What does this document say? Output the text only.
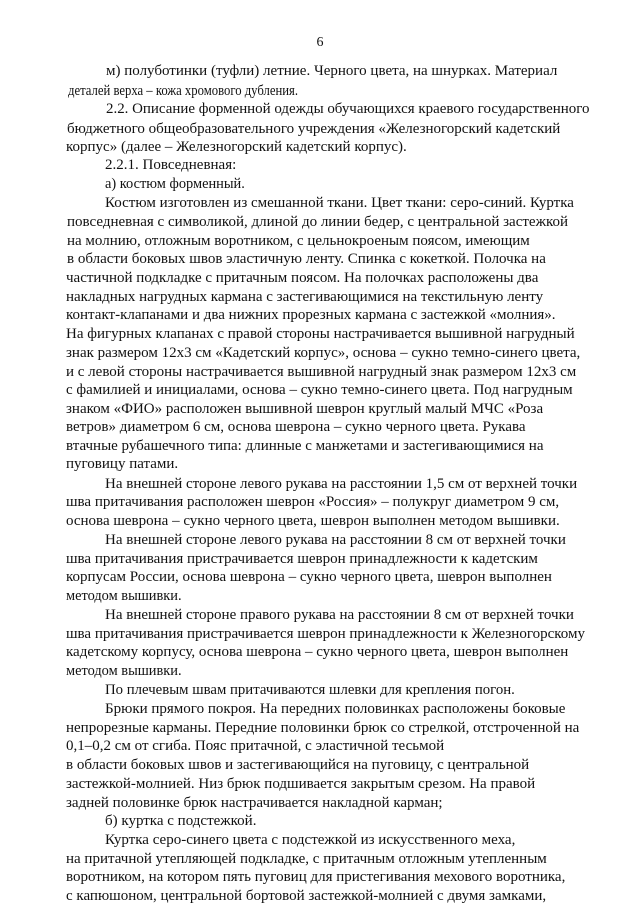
6
м) полуботинки (туфли) летние. Черного цвета, на шнурках. Материал
деталей верха – кожа хромового дубления.
2.2. Описание форменной одежды обучающихся краевого государственного
бюджетного общеобразовательного учреждения «Железногорский кадетский
корпус» (далее – Железногорский кадетский корпус).
2.2.1. Повседневная:
а) костюм форменный.
Костюм изготовлен из смешанной ткани. Цвет ткани: серо-синий. Куртка
повседневная с символикой, длиной до линии бедер, с центральной застежкой
на молнию, отложным воротником, с цельнокроеным поясом, имеющим
в области боковых швов эластичную ленту. Спинка с кокеткой. Полочка на
частичной подкладке с притачным поясом. На полочках расположены два
накладных нагрудных кармана с застегивающимися на текстильную ленту
контакт-клапанами и два нижних прорезных кармана с застежкой «молния».
На фигурных клапанах с правой стороны настрачивается вышивной нагрудный
знак размером 12х3 см «Кадетский корпус», основа – сукно темно-синего цвета,
и с левой стороны настрачивается вышивной нагрудный знак размером 12х3 см
с фамилией и инициалами, основа – сукно темно-синего цвета. Под нагрудным
знаком «ФИО» расположен вышивной шеврон круглый малый МЧС «Роза
ветров» диаметром 6 см, основа шеврона – сукно черного цвета. Рукава
втачные рубашечного типа: длинные с манжетами и застегивающимися на
пуговицу патами.
На внешней стороне левого рукава на расстоянии 1,5 см от верхней точки
шва притачивания расположен шеврон «Россия» – полукруг диаметром 9 см,
основа шеврона – сукно черного цвета, шеврон выполнен методом вышивки.
На внешней стороне левого рукава на расстоянии 8 см от верхней точки
шва притачивания пристрачивается шеврон принадлежности к кадетским
корпусам России, основа шеврона – сукно черного цвета, шеврон выполнен
методом вышивки.
На внешней стороне правого рукава на расстоянии 8 см от верхней точки
шва притачивания пристрачивается шеврон принадлежности к Железногорскому
кадетскому корпусу, основа шеврона – сукно черного цвета, шеврон выполнен
методом вышивки.
По плечевым швам притачиваются шлевки для крепления погон.
Брюки прямого покроя. На передних половинках расположены боковые
непрорезные карманы. Передние половинки брюк со стрелкой, отстроченной на
0,1–0,2 см от сгиба. Пояс притачной, с эластичной тесьмой
в области боковых швов и застегивающийся на пуговицу, с центральной
застежкой-молнией. Низ брюк подшивается закрытым срезом. На правой
задней половинке брюк настрачивается накладной карман;
б) куртка с подстежкой.
Куртка серо-синего цвета с подстежкой из искусственного меха,
на притачной утепляющей подкладке, с притачным отложным утепленным
воротником, на котором пять пуговиц для пристегивания мехового воротника,
с капюшоном, центральной бортовой застежкой-молнией с двумя замками,
